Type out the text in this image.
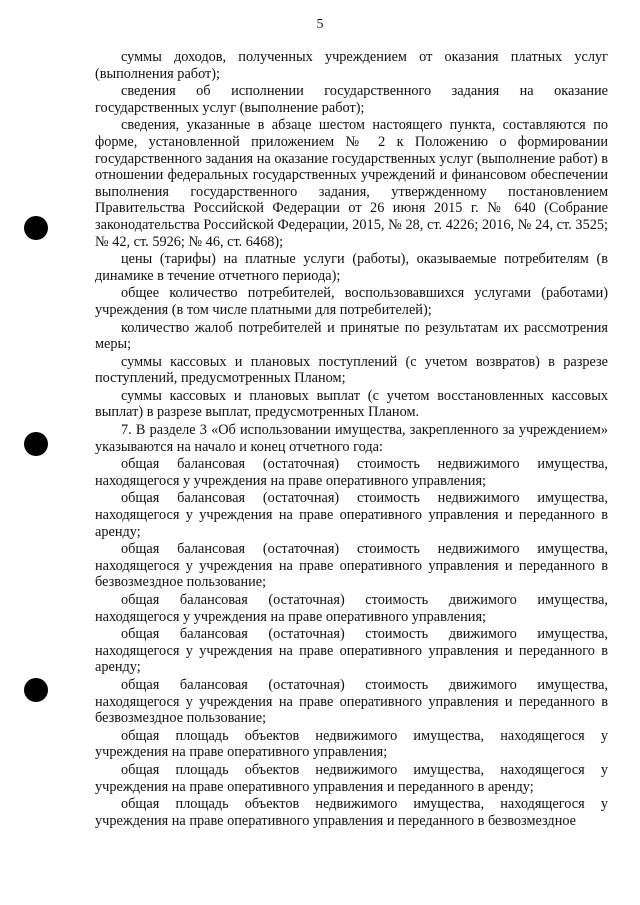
5

суммы доходов, полученных учреждением от оказания платных услуг (выполнения работ);

сведения об исполнении государственного задания на оказание государственных услуг (выполнение работ);

сведения, указанные в абзаце шестом настоящего пункта, составляются по форме, установленной приложением № 2 к Положению о формировании государственного задания на оказание государственных услуг (выполнение работ) в отношении федеральных государственных учреждений и финансовом обеспечении выполнения государственного задания, утвержденному постановлением Правительства Российской Федерации от 26 июня 2015 г. № 640 (Собрание законодательства Российской Федерации, 2015, № 28, ст. 4226; 2016, № 24, ст. 3525; № 42, ст. 5926; № 46, ст. 6468);

цены (тарифы) на платные услуги (работы), оказываемые потребителям (в динамике в течение отчетного периода);

общее количество потребителей, воспользовавшихся услугами (работами) учреждения (в том числе платными для потребителей);

количество жалоб потребителей и принятые по результатам их рассмотрения меры;

суммы кассовых и плановых поступлений (с учетом возвратов) в разрезе поступлений, предусмотренных Планом;

суммы кассовых и плановых выплат (с учетом восстановленных кассовых выплат) в разрезе выплат, предусмотренных Планом.

7. В разделе 3 «Об использовании имущества, закрепленного за учреждением» указываются на начало и конец отчетного года:

общая балансовая (остаточная) стоимость недвижимого имущества, находящегося у учреждения на праве оперативного управления;

общая балансовая (остаточная) стоимость недвижимого имущества, находящегося у учреждения на праве оперативного управления и переданного в аренду;

общая балансовая (остаточная) стоимость недвижимого имущества, находящегося у учреждения на праве оперативного управления и переданного в безвозмездное пользование;

общая балансовая (остаточная) стоимость движимого имущества, находящегося у учреждения на праве оперативного управления;

общая балансовая (остаточная) стоимость движимого имущества, находящегося у учреждения на праве оперативного управления и переданного в аренду;

общая балансовая (остаточная) стоимость движимого имущества, находящегося у учреждения на праве оперативного управления и переданного в безвозмездное пользование;

общая площадь объектов недвижимого имущества, находящегося у учреждения на праве оперативного управления;

общая площадь объектов недвижимого имущества, находящегося у учреждения на праве оперативного управления и переданного в аренду;

общая площадь объектов недвижимого имущества, находящегося у учреждения на праве оперативного управления и переданного в безвозмездное
